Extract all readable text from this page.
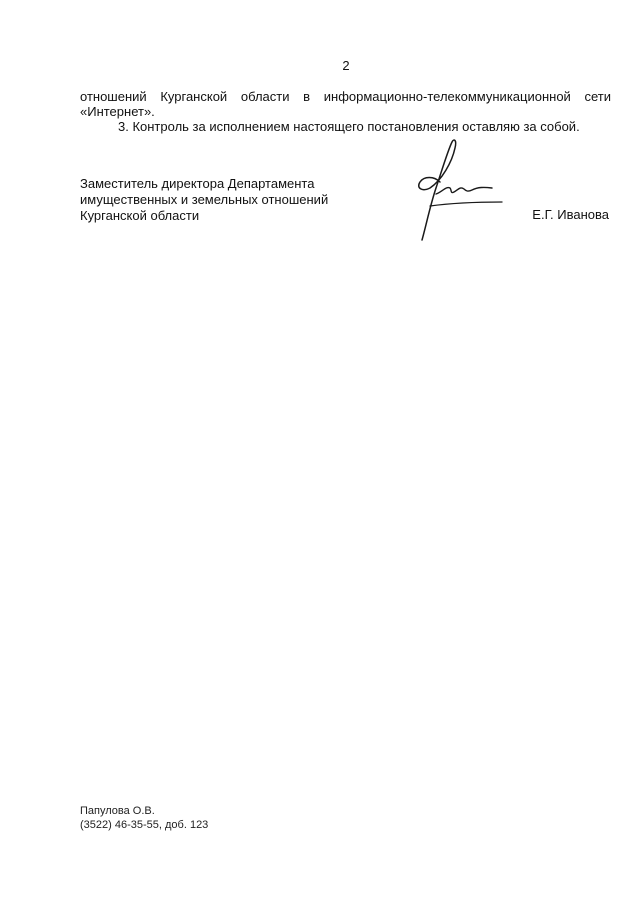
2
отношений Курганской области в информационно-телекоммуникационной сети
«Интернет».
3. Контроль за исполнением настоящего постановления оставляю за собой.
Заместитель директора Департамента
имущественных и земельных отношений
Курганской области	Е.Г. Иванова
Папулова О.В.
(3522) 46-35-55, доб. 123
